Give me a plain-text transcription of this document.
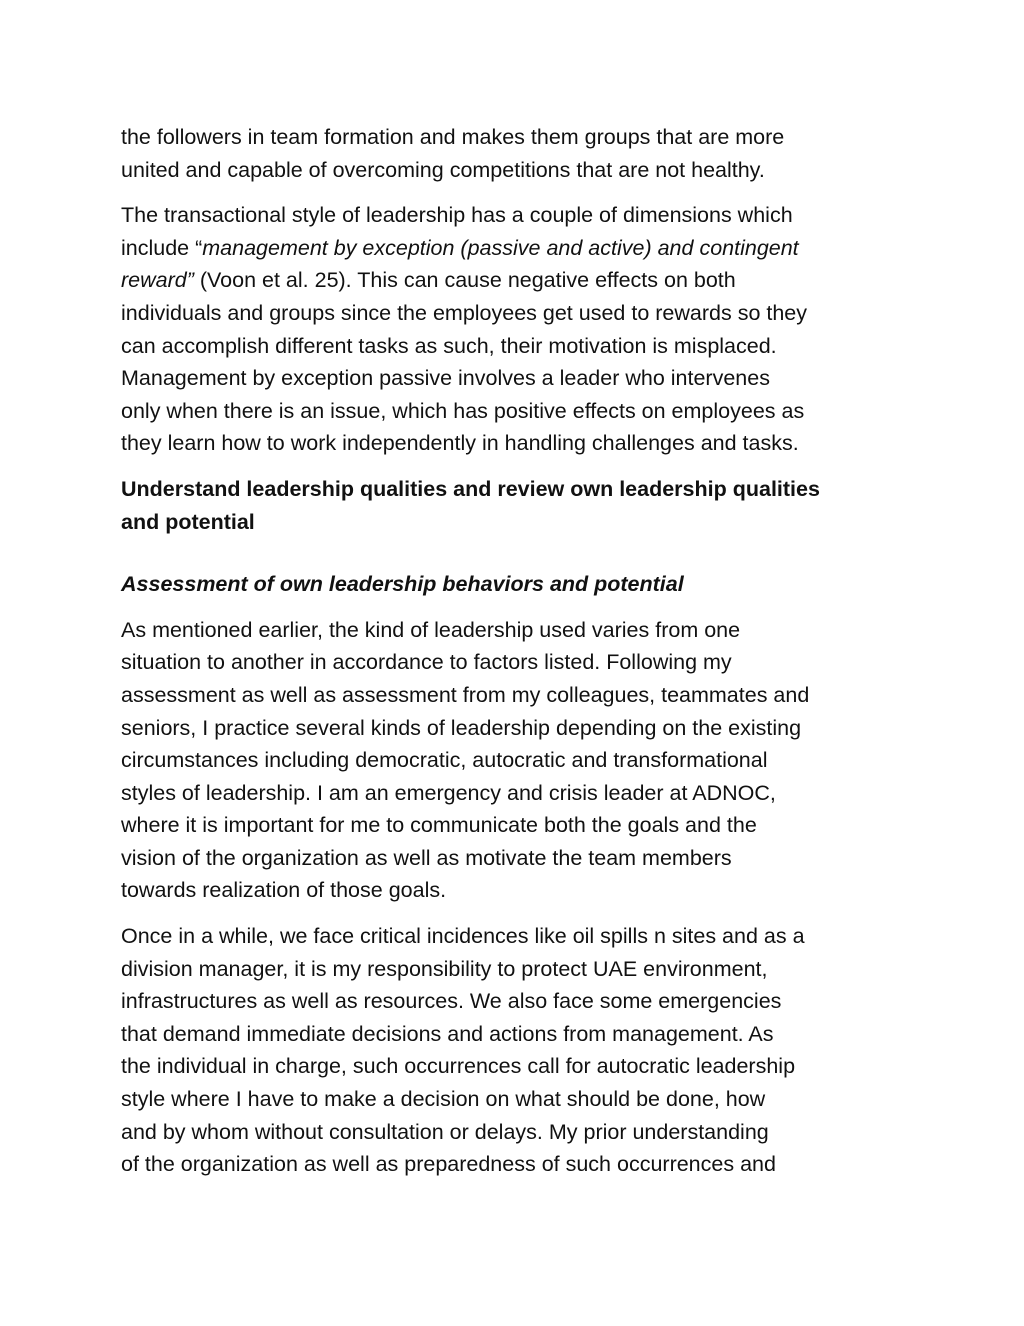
the followers in team formation and makes them groups that are more
united and capable of overcoming competitions that are not healthy.
The transactional style of leadership has a couple of dimensions which
include “management by exception (passive and active) and contingent
reward” (Voon et al. 25). This can cause negative effects on both
individuals and groups since the employees get used to rewards so they
can accomplish different tasks as such, their motivation is misplaced.
Management by exception passive involves a leader who intervenes
only when there is an issue, which has positive effects on employees as
they learn how to work independently in handling challenges and tasks.
Understand leadership qualities and review own leadership qualities
and potential
Assessment of own leadership behaviors and potential
As mentioned earlier, the kind of leadership used varies from one
situation to another in accordance to factors listed. Following my
assessment as well as assessment from my colleagues, teammates and
seniors, I practice several kinds of leadership depending on the existing
circumstances including democratic, autocratic and transformational
styles of leadership. I am an emergency and crisis leader at ADNOC,
where it is important for me to communicate both the goals and the
vision of the organization as well as motivate the team members
towards realization of those goals.
Once in a while, we face critical incidences like oil spills n sites and as a
division manager, it is my responsibility to protect UAE environment,
infrastructures as well as resources. We also face some emergencies
that demand immediate decisions and actions from management. As
the individual in charge, such occurrences call for autocratic leadership
style where I have to make a decision on what should be done, how
and by whom without consultation or delays. My prior understanding
of the organization as well as preparedness of such occurrences and
